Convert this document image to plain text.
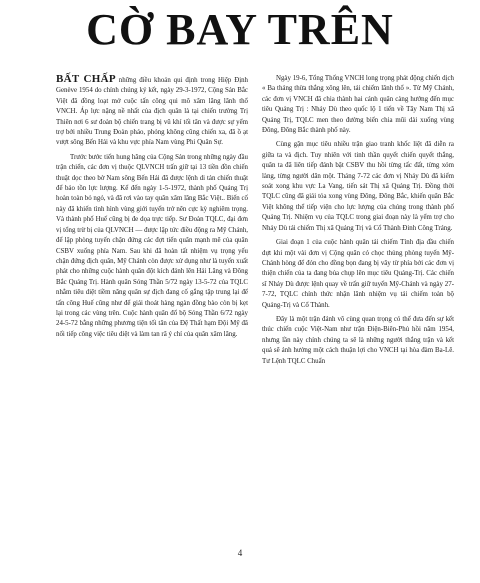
CỜ BAY TRÊN

BẤT CHẤP những điều khoản qui định trong Hiệp Định Genève 1954 do chính chúng ký kết, ngày 29-3-1972, Cộng Sản Bắc Việt đã đồng loạt mở cuộc tấn công qui mô xâm lăng lãnh thổ VNCH. Áp lực nặng nề nhất của địch quân là tại chiến trường Trị Thiên nơi 6 sư đoàn bộ chiến trang bị vũ khí tối tân và được sự yểm trợ bởi nhiều Trung Đoàn pháo, phóng không cũng chiến xa, đã ồ ạt vượt sông Bến Hải và khu vực phía Nam vùng Phi Quân Sự.

Trước bước tiến hung hăng của Cộng Sản trong những ngày đầu trận chiến, các đơn vị thuộc QLVNCH trấn giữ tại 13 tiền đồn chiến thuật dọc theo bờ Nam sông Bến Hải đã được lệnh di tản chiến thuật để bảo tồn lực lượng. Kể đến ngày 1-5-1972, thành phố Quảng Trị hoàn toàn bỏ ngỏ, và đã rơi vào tay quân xâm lăng Bắc Việt.. Biến cố này đã khiến tình hình vùng giới tuyến trở nên cực kỳ nghiêm trọng. Và thành phố Huế cũng bị đe dọa trực tiếp. Sư Đoàn TQLC, đại đơn vị tổng trừ bị của QLVNCH — được lập tức điều động ra Mỹ Chánh, để lập phòng tuyến chận đứng các đợt tiến quân mạnh mẽ của quân CSBV xuống phía Nam. Sau khi đã hoàn tất nhiệm vụ trọng yếu chận đứng địch quân, Mỹ Chánh còn được xử dụng như là tuyến xuất phát cho những cuộc hành quân đột kích đánh lên Hải Lăng và Đông Bắc Quảng Trị. Hành quân Sóng Thần 5/72 ngày 13-5-72 của TQLC nhằm tiêu diệt tiềm năng quân sự địch đang cố gắng tập trung lại để tấn công Huế cũng như để giải thoát hàng ngàn đồng bào còn bị kẹt lại trong các vùng trên. Cuộc hành quân đổ bộ Sóng Thần 6/72 ngày 24-5-72 bằng những phương tiện tối tân của Đệ Thất hạm Đội Mỹ đã nối tiếp công việc tiêu diệt và làm tan rã ý chí của quân xâm lăng.

Ngày 19-6, Tổng Thống VNCH long trọng phát động chiến dịch « Ba tháng thừa thắng xông lên, tái chiếm lãnh thổ ». Từ Mỹ Chánh, các đơn vị VNCH đã chia thành hai cánh quân càng hướng đến mục tiêu Quảng Trị : Nhảy Dù theo quốc lộ 1 tiến về Tây Nam Thị xã Quảng Trị, TQLC men theo đường biển chia mũi dài xuống vùng Đông, Đông Bắc thành phố này.

Cùng gặn mục tiêu nhiều trận giao tranh khốc liệt đã diễn ra giữa ta và địch. Tuy nhiên với tinh thần quyết chiến quyết thắng, quân ta đã liên tiếp đánh bật CSBV thu hồi từng tấc đất, từng xóm làng, từng người dân một. Tháng 7-72 các đơn vị Nhảy Dù đã kiểm soát xong khu vực La Vang, tiến sát Thị xã Quảng Trị. Đồng thời TQLC cũng đã giải tỏa xong vùng Đông, Đông Bắc, khiến quân Bắc Việt không thể tiếp viện cho lực lượng của chúng trong thành phố Quảng Trị. Nhiệm vụ của TQLC trong giai đoạn này là yểm trợ cho Nhảy Dù tái chiếm Thị xã Quảng Trị và Cổ Thành Đinh Công Tráng.

Giai đoạn 1 của cuộc hành quân tái chiếm Tỉnh địa đầu chiến dựt khi một vài đơn vị Cộng quân có chọc thủng phòng tuyến Mỹ-Chánh hòng để đón cho đồng bọn đang bị vây từ phía bởi các đơn vị thiện chiến của ta đang bủa chụp lên mục tiêu Quảng-Trị. Các chiến sĩ Nhảy Dù được lệnh quay về trấn giữ tuyến Mỹ-Chánh và ngày 27-7-72, TQLC chính thức nhận lãnh nhiệm vụ tái chiếm toàn bộ Quảng-Trị và Cổ Thành.

Đây là một trận đánh vô cùng quan trọng có thể đưa đến sự kết thúc chiến cuộc Việt-Nam như trận Điện-Biên-Phủ hồi năm 1954, nhưng lần này chính chúng ta sẽ là những người thắng trận và kết quả sẽ ảnh hưởng một cách thuận lợi cho VNCH tại hòa đàm Ba-Lê. Tư Lệnh TQLC Chuẩn

4
